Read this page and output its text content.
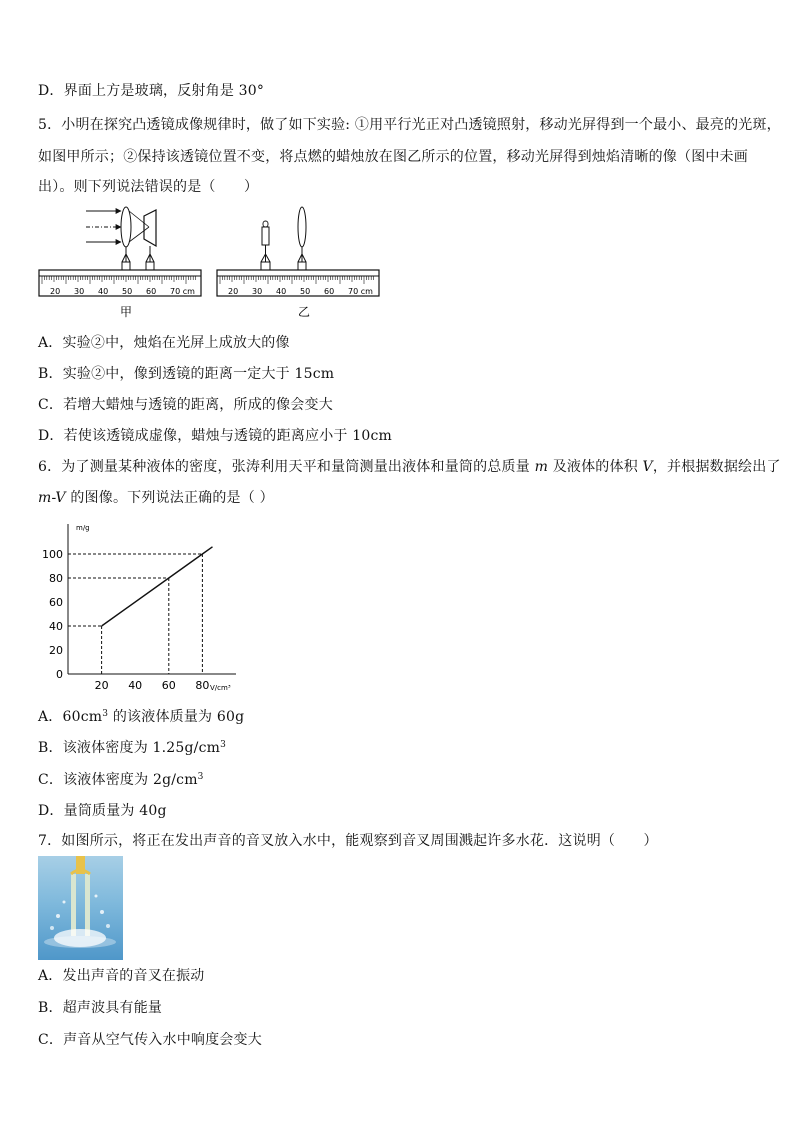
D．界面上方是玻璃，反射角是 30°
5．小明在探究凸透镜成像规律时，做了如下实验: ①用平行光正对凸透镜照射，移动光屏得到一个最小、最亮的光斑，
如图甲所示；②保持该透镜位置不变，将点燃的蜡烛放在图乙所示的位置，移动光屏得到烛焰清晰的像（图中未画
出）。则下列说法错误的是（　　）
20 30 40 50 60 70 cm
甲
20 30 40 50 60 70 cm
乙
A．实验②中，烛焰在光屏上成放大的像
B．实验②中，像到透镜的距离一定大于 15cm
C．若增大蜡烛与透镜的距离，所成的像会变大
D．若使该透镜成虚像，蜡烛与透镜的距离应小于 10cm
6．为了测量某种液体的密度，张涛利用天平和量筒测量出液体和量筒的总质量 m 及液体的体积 V，并根据数据绘出了
m-V 的图像。下列说法正确的是（ ）
m/g
V/cm³
0
20
40
60
80
100
20 40 60 80
A．$60cm^3$ 的该液体质量为 60g
B．该液体密度为 $1.25g/cm^3$
C．该液体密度为 $2g/cm^3$
D．量筒质量为 40g
7．如图所示，将正在发出声音的音叉放入水中，能观察到音叉周围溅起许多水花．这说明（　　）
A．发出声音的音叉在振动
B．超声波具有能量
C．声音从空气传入水中响度会变大
